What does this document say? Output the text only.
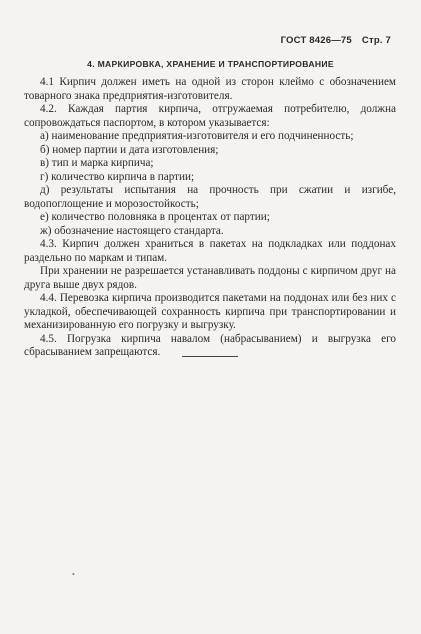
ГОСТ 8426—75 Стр. 7
4. МАРКИРОВКА, ХРАНЕНИЕ И ТРАНСПОРТИРОВАНИЕ

4.1 Кирпич должен иметь на одной из сторон клеймо с обозначением товарного знака предприятия-изготовителя.

4.2. Каждая партия кирпича, отгружаемая потребителю, должна сопровождаться паспортом, в котором указывается:

а) наименование предприятия-изготовителя и его подчиненность;

б) номер партии и дата изготовления;

в) тип и марка кирпича;

г) количество кирпича в партии;

д) результаты испытания на прочность при сжатии и изгибе, водопоглощение и морозостойкость;

е) количество половняка в процентах от партии;

ж) обозначение настоящего стандарта.

4.3. Кирпич должен храниться в пакетах на подкладках или поддонах раздельно по маркам и типам.

При хранении не разрешается устанавливать поддоны с кирпичом друг на друга выше двух рядов.

4.4. Перевозка кирпича производится пакетами на поддонах или без них с укладкой, обеспечивающей сохранность кирпича при транспортировании и механизированную его погрузку и выгрузку.

4.5. Погрузка кирпича навалом (набрасыванием) и выгрузка его сбрасыванием запрещаются.

•
